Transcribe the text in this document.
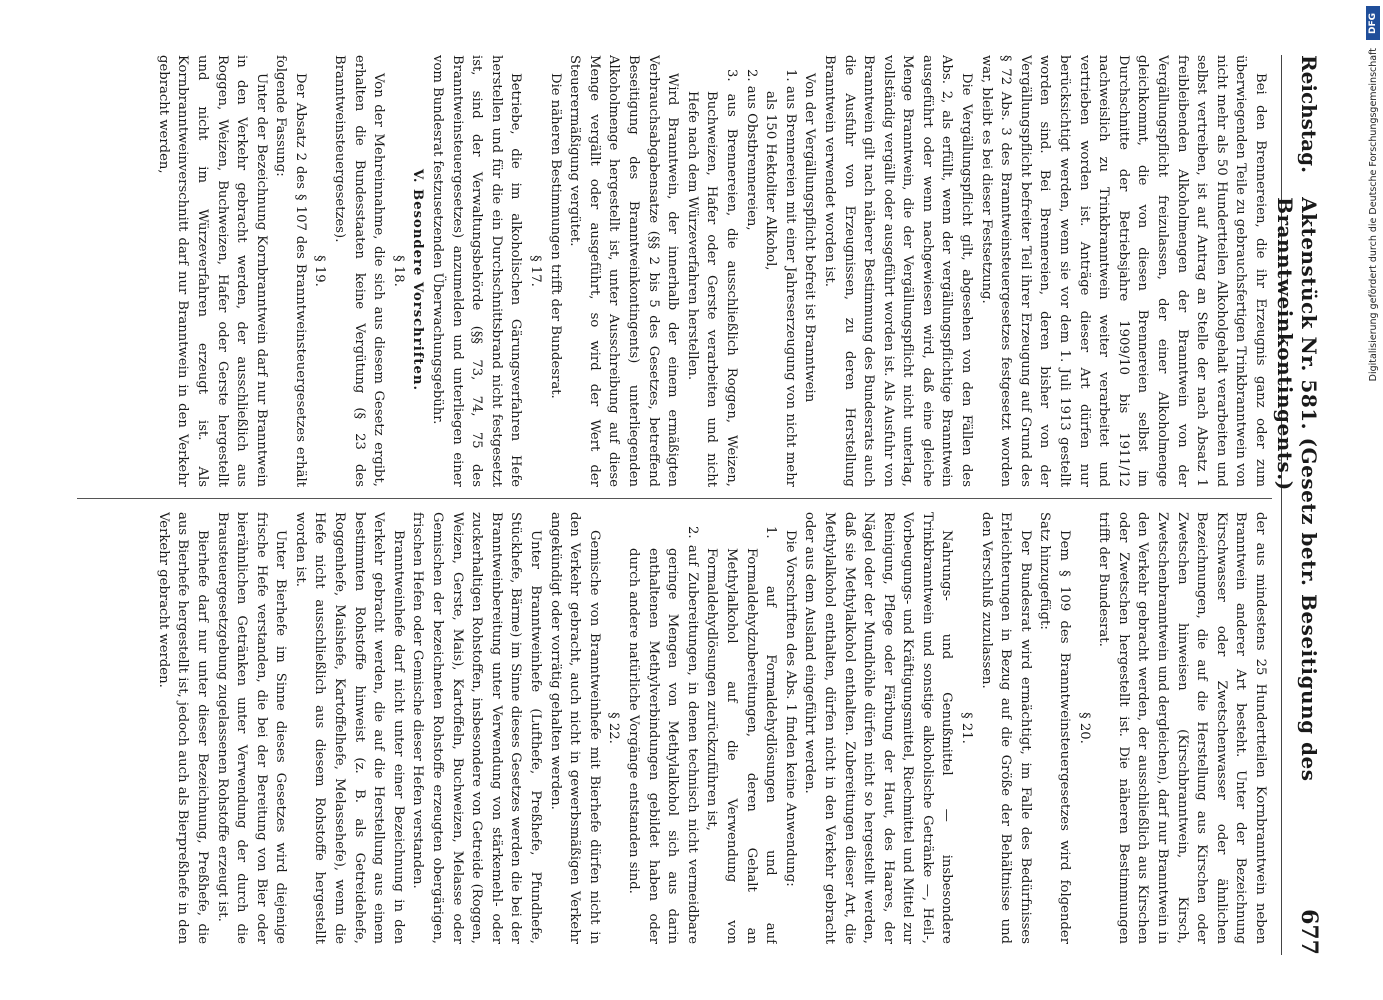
Reichstag.
Aktenstück Nr. 581. (Gesetz betr. Beseitigung des Branntweinkontingents.)
677

Bei den Brennereien, die ihr Erzeugnis ganz oder zum überwiegenden Teile zu gebrauchsfertigen Trinkbranntwein von nicht mehr als 50 Hundertteilen Alkoholgehalt verarbeiten und selbst vertreiben, ist auf Antrag an Stelle der nach Absatz 1 freibleibenden Alkoholmengen der Branntwein von der Vergällungspflicht freizulassen, der einer Alkoholmenge gleichkommt, die von diesen Brennereien selbst im Durchschnitte der Betriebsjahre 1909/10 bis 1911/12 nachweislich zu Trinkbranntwein weiter verarbeitet und vertrieben worden ist. Anträge dieser Art dürfen nur berücksichtigt werden, wenn sie vor dem 1. Juli 1913 gestellt worden sind. Bei Brennereien, deren bisher von der Vergällungspflicht befreiter Teil ihrer Erzeugung auf Grund des § 72 Abs. 3 des Branntweinsteuergesetzes festgesetzt worden war, bleibt es bei dieser Festsetzung.

Die Vergällungspflicht gilt, abgesehen von den Fällen des Abs. 2, als erfüllt, wenn der vergällungspflichtige Branntwein ausgeführt oder wenn nachgewiesen wird, daß eine gleiche Menge Branntwein, die der Vergällungspflicht nicht unterlag, vollständig vergällt oder ausgeführt worden ist. Als Ausfuhr von Branntwein gilt nach näherer Bestimmung des Bundesrats auch die Ausfuhr von Erzeugnissen, zu deren Herstellung Branntwein verwendet worden ist.

Von der Vergällungspflicht befreit ist Branntwein

1. aus Brennereien mit einer Jahreserzeugung von nicht mehr als 150 Hektoliter Alkohol,

2. aus Obstbrennereien,

3. aus Brennereien, die ausschließlich Roggen, Weizen, Buchweizen, Hafer oder Gerste verarbeiten und nicht Hefe nach dem Würzeverfahren herstellen.

Wird Branntwein, der innerhalb der einem ermäßigten Verbrauchsabgabensatze (§§ 2 bis 5 des Gesetzes, betreffend Beseitigung des Branntweinkontingents) unterliegenden Alkoholmenge hergestellt ist, unter Ausschreibung auf diese Menge vergällt oder ausgeführt, so wird der Wert der Steuerermäßigung vergütet.

Die näheren Bestimmungen trifft der Bundesrat.

§ 17.

Betriebe, die im alkoholischen Gärungsverfahren Hefe herstellen und für die ein Durchschnittsbrand nicht festgesetzt ist, sind der Verwaltungsbehörde (§§ 73, 74, 75 des Branntweinsteuergesetzes) anzumelden und unterliegen einer vom Bundesrat festzusetzenden Überwachungsgebühr.

V. Besondere Vorschriften.

§ 18.

Von der Mehreinnahme, die sich aus diesem Gesetz ergibt, erhalten die Bundesstaaten keine Vergütung (§ 23 des Branntweinsteuergesetzes).

§ 19.

Der Absatz 2 des § 107 des Branntweinsteuergesetzes erhält folgende Fassung:

Unter der Bezeichnung Kornbranntwein darf nur Branntwein in den Verkehr gebracht werden, der ausschließlich aus Roggen, Weizen, Buchweizen, Hafer oder Gerste hergestellt und nicht im Würzeverfahren erzeugt ist. Als Kornbranntweinverschnitt darf nur Branntwein in den Verkehr gebracht werden,

der aus mindestens 25 Hundertteilen Kornbranntwein neben Branntwein anderer Art besteht. Unter der Bezeichnung Kirschwasser oder Zwetschenwasser oder ähnlichen Bezeichnungen, die auf die Herstellung aus Kirschen oder Zwetschen hinweisen (Kirschbranntwein, Kirsch, Zwetschenbranntwein und dergleichen), darf nur Branntwein in den Verkehr gebracht werden, der ausschließlich aus Kirschen oder Zwetschen hergestellt ist. Die näheren Bestimmungen trifft der Bundesrat.

§ 20.

Dem § 109 des Branntweinsteuergesetzes wird folgender Satz hinzugefügt:

Der Bundesrat wird ermächtigt, im Falle des Bedürfnisses Erleichterungen in Bezug auf die Größe der Behältnisse und den Verschluß zuzulassen.

§ 21.

Nahrungs- und Genußmittel — insbesondere Trinkbranntwein und sonstige alkoholische Getränke —, Heil-, Vorbeugungs- und Kräftigungsmittel, Riechmittel und Mittel zur Reinigung, Pflege oder Färbung der Haut, des Haares, der Nägel oder der Mundhöhle dürfen nicht so hergestellt werden, daß sie Methylalkohol enthalten. Zubereitungen dieser Art, die Methylalkohol enthalten, dürfen nicht in den Verkehr gebracht oder aus dem Ausland eingeführt werden.

Die Vorschriften des Abs. 1 finden keine Anwendung:

1. auf Formaldehydlösungen und auf Formaldehydzubereitungen, deren Gehalt an Methylalkohol auf die Verwendung von Formaldehydlösungen zurückzuführen ist,

2. auf Zubereitungen, in denen technisch nicht vermeidbare geringe Mengen von Methylalkohol sich aus darin enthaltenen Methylverbindungen gebildet haben oder durch andere natürliche Vorgänge entstanden sind.

§ 22.

Gemische von Branntweinhefe mit Bierhefe dürfen nicht in den Verkehr gebracht, auch nicht in gewerbsmäßigen Verkehr angekündigt oder vorrätig gehalten werden.

Unter Branntweinhefe (Lufthefe, Preßhefe, Pfundhefe, Stückhefe, Bärme) im Sinne dieses Gesetzes werden die bei der Branntweinbereitung unter Verwendung von stärkemehl- oder zuckerhaltigen Rohstoffen, insbesondere von Getreide (Roggen, Weizen, Gerste, Mais), Kartoffeln, Buchweizen, Melasse oder Gemischen der bezeichneten Rohstoffe erzeugten obergärigen, frischen Hefen oder Gemische dieser Hefen verstanden.

Branntweinhefe darf nicht unter einer Bezeichnung in den Verkehr gebracht werden, die auf die Herstellung aus einem bestimmten Rohstoffe hinweist (z. B. als Getreidehefe, Roggenhefe, Maishefe, Kartoffelhefe, Melassehefe), wenn die Hefe nicht ausschließlich aus diesem Rohstoffe hergestellt worden ist.

Unter Bierhefe im Sinne dieses Gesetzes wird diejenige frische Hefe verstanden, die bei der Bereitung von Bier oder bierähnlichen Getränken unter Verwendung der durch die Brausteuergesetzgebung zugelassenen Rohstoffe erzeugt ist.

Bierhefe darf nur unter dieser Bezeichnung, Preßhefe, die aus Bierhefe hergestellt ist, jedoch auch als Bierpreßhefe in den Verkehr gebracht werden.

DFG
Digitalisierung gefördert durch die Deutsche Forschungsgemeinschaft
